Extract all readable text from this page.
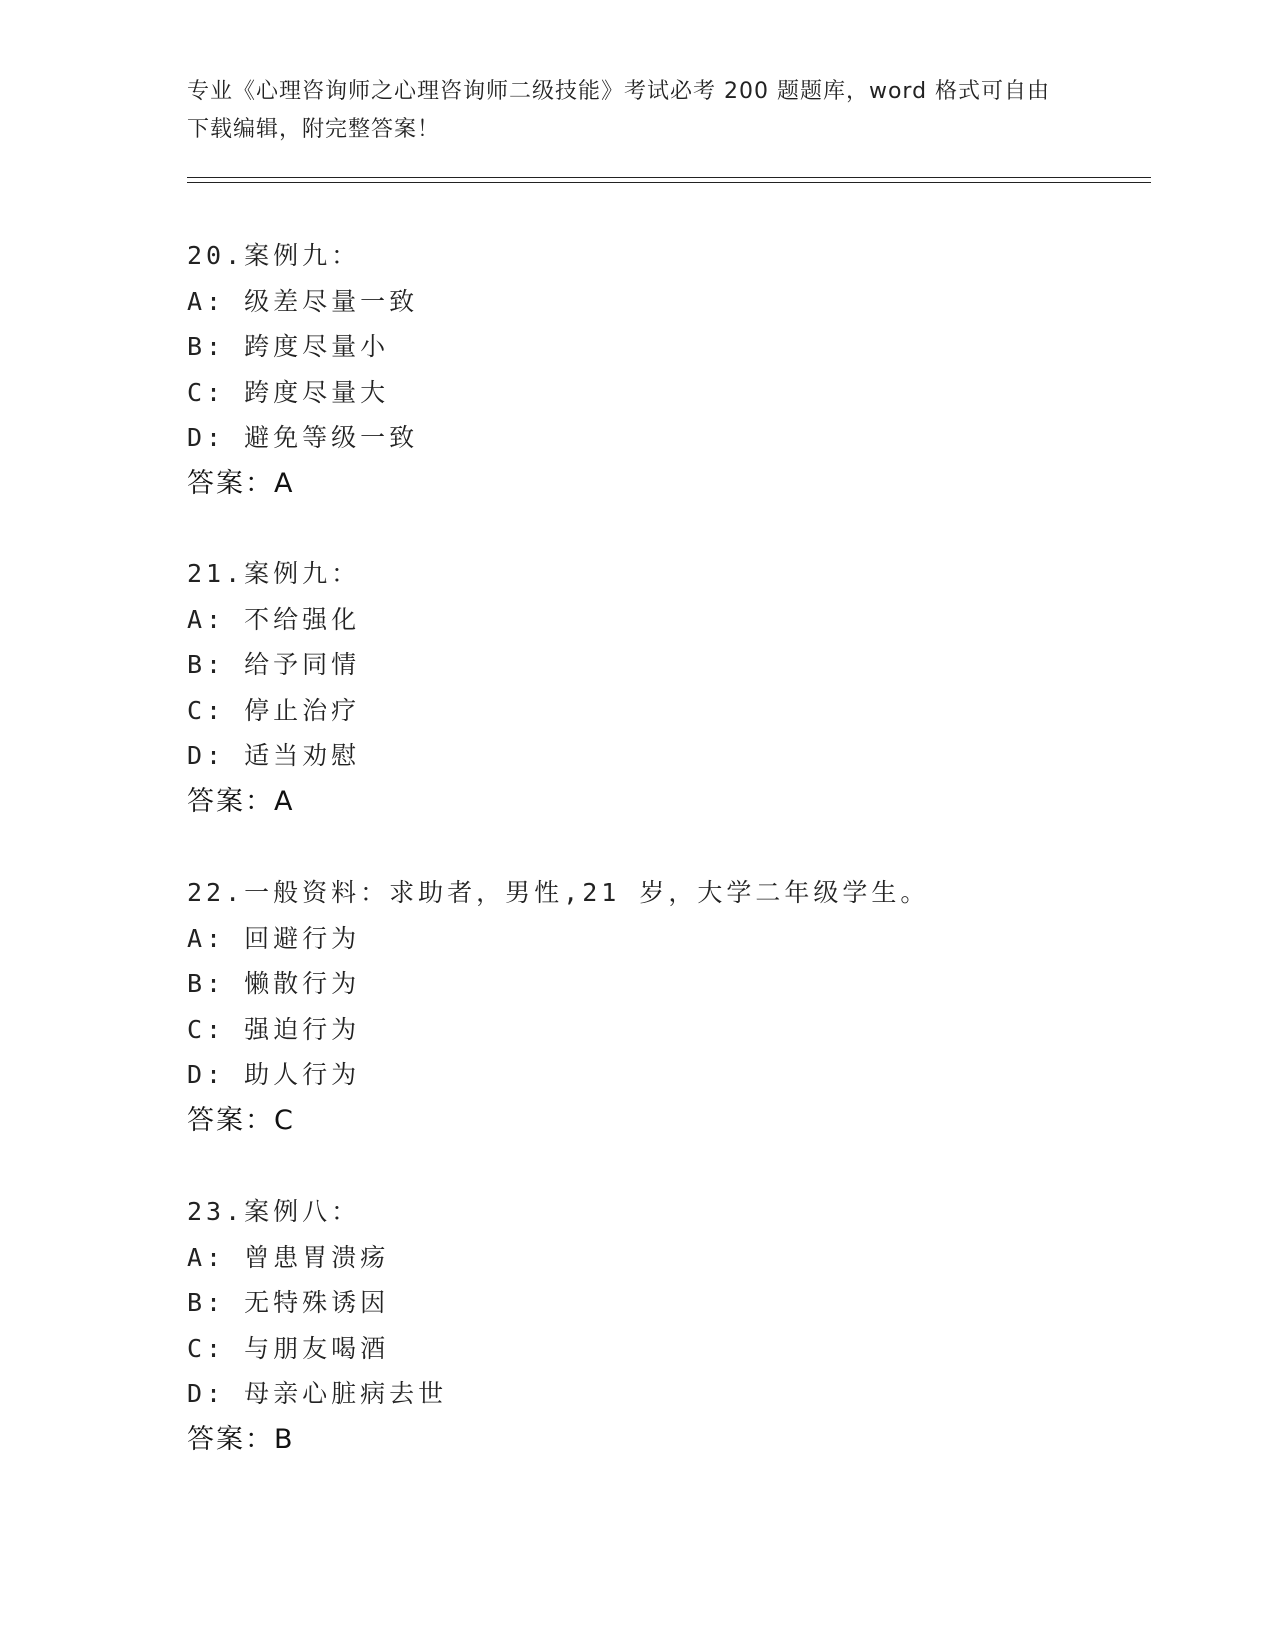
专业《心理咨询师之心理咨询师二级技能》考试必考 200 题题库，word 格式可自由下载编辑，附完整答案！
20.案例九：
A: 级差尽量一致
B: 跨度尽量小
C: 跨度尽量大
D: 避免等级一致
答案：A
21.案例九：
A: 不给强化
B: 给予同情
C: 停止治疗
D: 适当劝慰
答案：A
22.一般资料：求助者，男性,21 岁，大学二年级学生。
A: 回避行为
B: 懒散行为
C: 强迫行为
D: 助人行为
答案：C
23.案例八：
A: 曾患胃溃疡
B: 无特殊诱因
C: 与朋友喝酒
D: 母亲心脏病去世
答案：B
